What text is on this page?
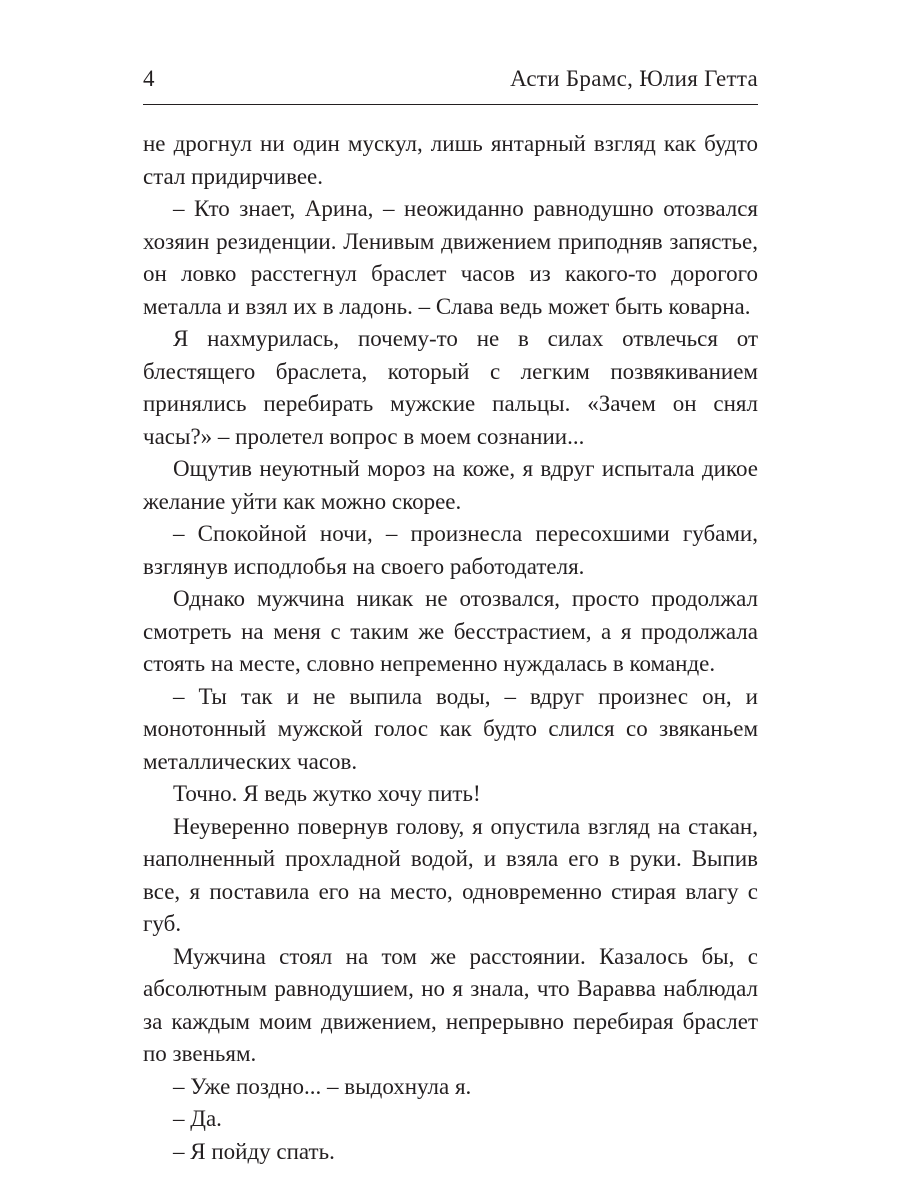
4	Асти Брамс, Юлия Гетта

не дрогнул ни один мускул, лишь янтарный взгляд как будто стал придирчивее.

– Кто знает, Арина, – неожиданно равнодушно отозвался хозяин резиденции. Ленивым движением приподняв запястье, он ловко расстегнул браслет часов из какого-то дорогого металла и взял их в ладонь. – Слава ведь может быть коварна.

Я нахмурилась, почему-то не в силах отвлечься от блестящего браслета, который с легким позвякиванием принялись перебирать мужские пальцы. «Зачем он снял часы?» – пролетел вопрос в моем сознании...

Ощутив неуютный мороз на коже, я вдруг испытала дикое желание уйти как можно скорее.

– Спокойной ночи, – произнесла пересохшими губами, взглянув исподлобья на своего работодателя.

Однако мужчина никак не отозвался, просто продолжал смотреть на меня с таким же бесстрастием, а я продолжала стоять на месте, словно непременно нуждалась в команде.

– Ты так и не выпила воды, – вдруг произнес он, и монотонный мужской голос как будто слился со звяканьем металлических часов.

Точно. Я ведь жутко хочу пить!

Неуверенно повернув голову, я опустила взгляд на стакан, наполненный прохладной водой, и взяла его в руки. Выпив все, я поставила его на место, одновременно стирая влагу с губ.

Мужчина стоял на том же расстоянии. Казалось бы, с абсолютным равнодушием, но я знала, что Варавва наблюдал за каждым моим движением, непрерывно перебирая браслет по звеньям.

– Уже поздно... – выдохнула я.

– Да.

– Я пойду спать.
